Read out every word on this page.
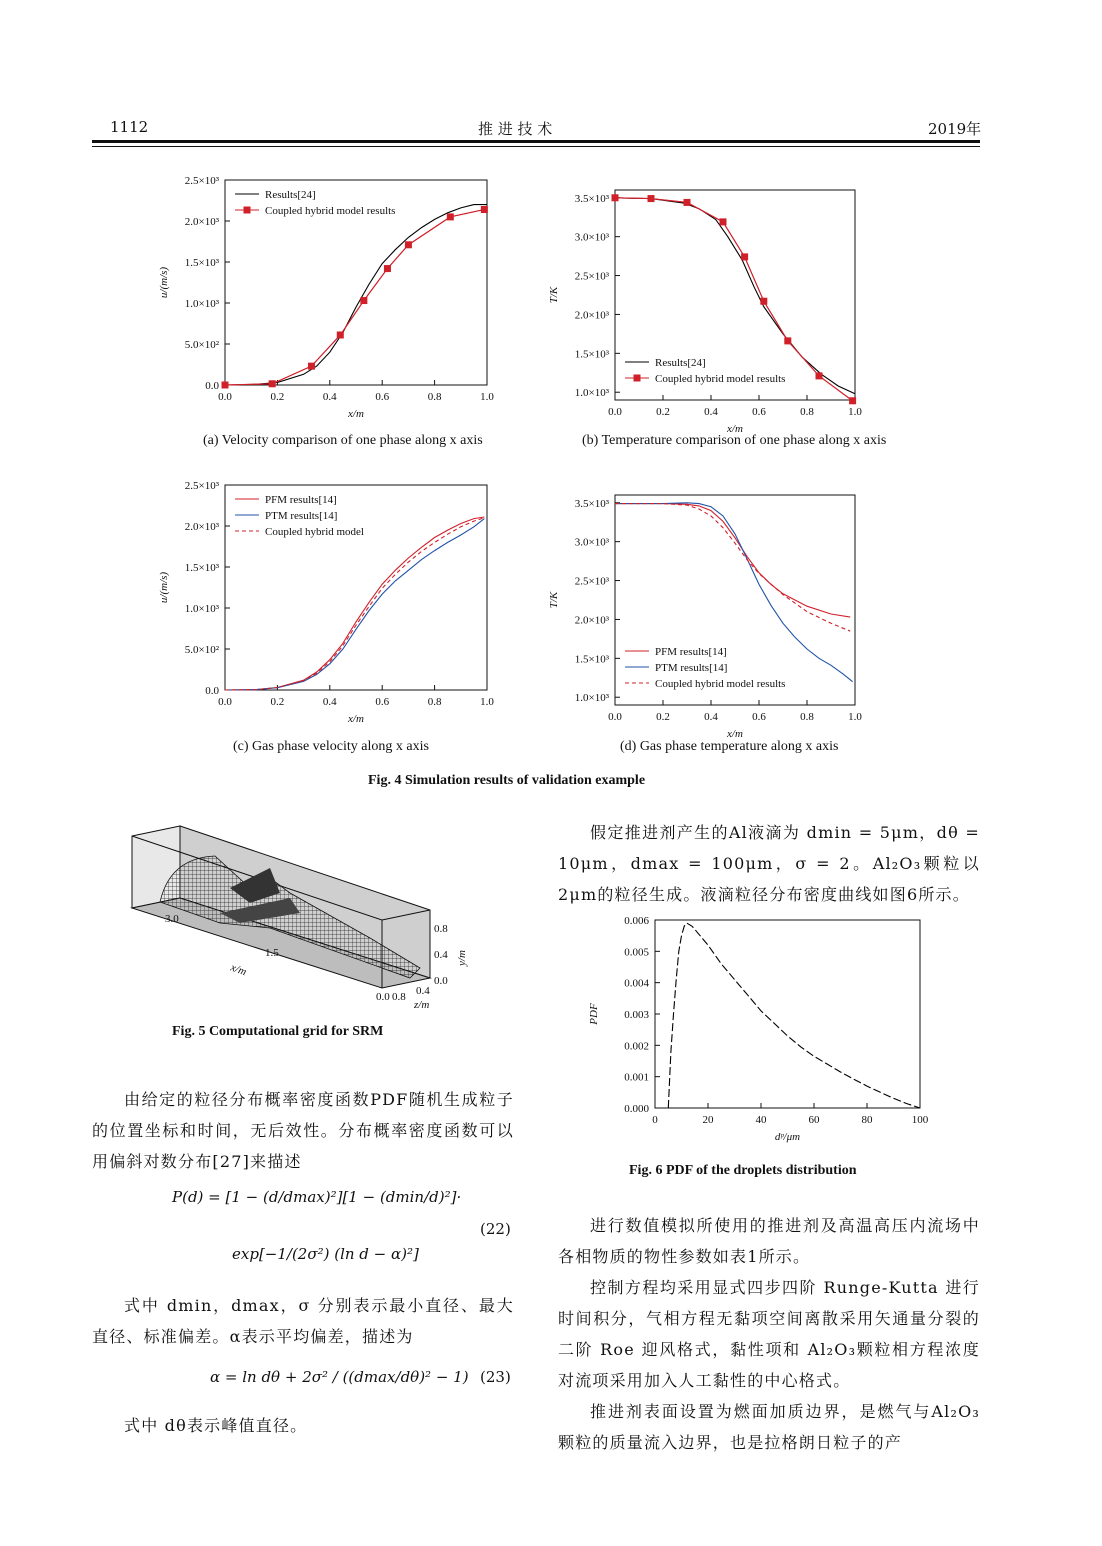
1112	推 进 技 术	2019年
0.0
5.0×10²
1.0×10³
1.5×10³
2.0×10³
2.5×10³
0.0	0.2	0.4	0.6	0.8	1.0
x/m
u/(m/s)
Results[24]
Coupled hybrid model results
1.0×10³
1.5×10³
2.0×10³
2.5×10³
3.0×10³
3.5×10³
0.0	0.2	0.4	0.6	0.8	1.0
x/m
T/K
Results[24]
Coupled hybrid model results
0.0
5.0×10²
1.0×10³
1.5×10³
2.0×10³
2.5×10³
0.0	0.2	0.4	0.6	0.8	1.0
x/m
u/(m/s)
PFM results[14]
PTM results[14]
Coupled hybrid model
1.0×10³
1.5×10³
2.0×10³
2.5×10³
3.0×10³
3.5×10³
0.0	0.2	0.4	0.6	0.8	1.0
x/m
T/K
PFM results[14]
PTM results[14]
Coupled hybrid model results
(a) Velocity comparison of one phase along x axis	(b) Temperature comparison of one phase along x axis
(c) Gas phase velocity along x axis	(d) Gas phase temperature along x axis
Fig. 4 Simulation results of validation example
3.0
1.5
x/m
0.0
0.8
0.4
0.0
y/m
0.8 0.4
z/m
Fig. 5 Computational grid for SRM
0.000
0.001
0.002
0.003
0.004
0.005
0.006
0	20	40	60	80	100
dᵖ/μm
PDF
Fig. 6 PDF of the droplets distribution

假定推进剂产生的Al液滴为 dmin = 5μm，dθ = 10μm，dmax = 100μm，σ = 2。Al₂O₃颗粒以2μm的粒径生成。液滴粒径分布密度曲线如图6所示。

进行数值模拟所使用的推进剂及高温高压内流场中各相物质的物性参数如表1所示。

控制方程均采用显式四步四阶 Runge-Kutta 进行时间积分，气相方程无黏项空间离散采用矢通量分裂的二阶 Roe 迎风格式，黏性项和 Al₂O₃颗粒相方程浓度对流项采用加入人工黏性的中心格式。

推进剂表面设置为燃面加质边界，是燃气与Al₂O₃颗粒的质量流入边界，也是拉格朗日粒子的产

由给定的粒径分布概率密度函数PDF随机生成粒子的位置坐标和时间，无后效性。分布概率密度函数可以用偏斜对数分布[27]来描述

P(d) = [1 − (d/dmax)²][1 − (dmin/d)²]·
exp[−1/(2σ²) (ln d − α)²]
(22)

式中 dmin，dmax，σ 分别表示最小直径、最大直径、标准偏差。α表示平均偏差，描述为

α = ln dθ + 2σ² / ((dmax/dθ)² − 1) (23)

式中 dθ表示峰值直径。
